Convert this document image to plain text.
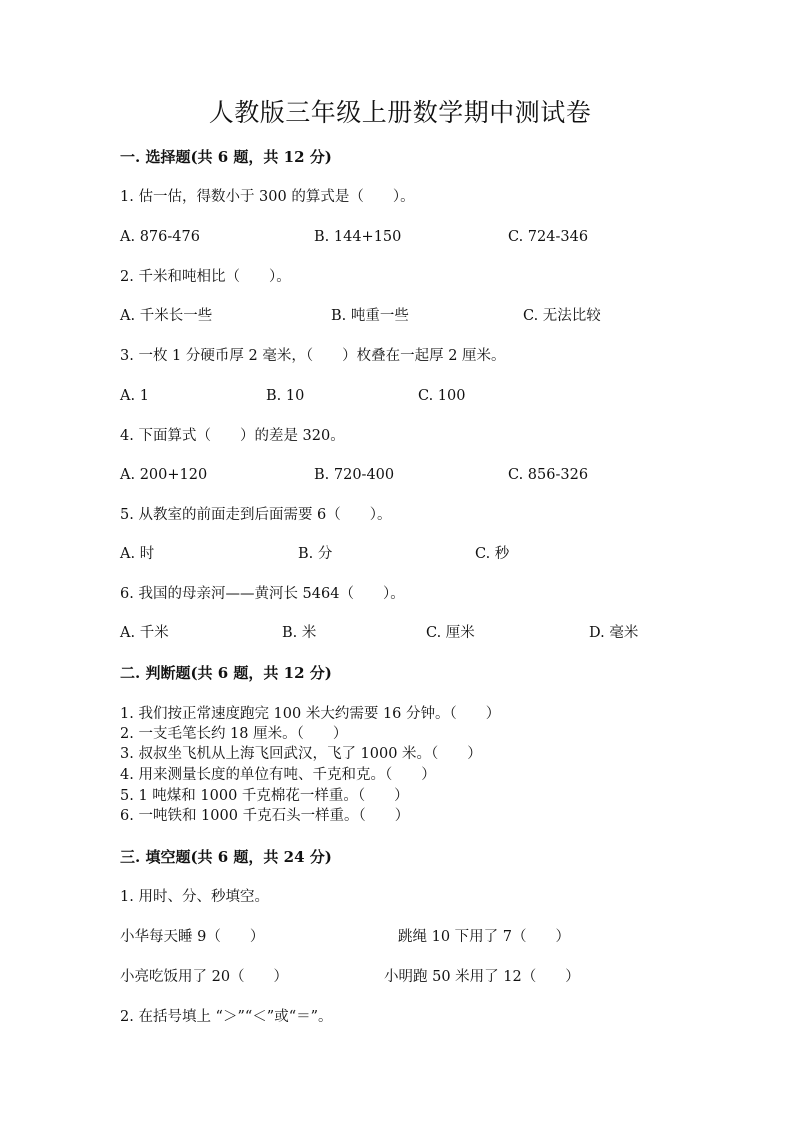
人教版三年级上册数学期中测试卷
一. 选择题(共 6 题，共 12 分)
1. 估一估，得数小于 300 的算式是（　　）。
A. 876-476	B. 144+150	C. 724-346
2. 千米和吨相比（　　）。
A. 千米长一些	B. 吨重一些	C. 无法比较
3. 一枚 1 分硬币厚 2 毫米，（　　）枚叠在一起厚 2 厘米。
A. 1	B. 10	C. 100
4. 下面算式（　　）的差是 320。
A. 200+120	B. 720-400	C. 856-326
5. 从教室的前面走到后面需要 6（　　）。
A. 时	B. 分	C. 秒
6. 我国的母亲河——黄河长 5464（　　）。
A. 千米	B. 米	C. 厘米	D. 毫米
二. 判断题(共 6 题，共 12 分)
1. 我们按正常速度跑完 100 米大约需要 16 分钟。（　　）
2. 一支毛笔长约 18 厘米。（　　）
3. 叔叔坐飞机从上海飞回武汉，飞了 1000 米。（　　）
4. 用来测量长度的单位有吨、千克和克。（　　）
5. 1 吨煤和 1000 千克棉花一样重。（　　）
6. 一吨铁和 1000 千克石头一样重。（　　）
三. 填空题(共 6 题，共 24 分)
1. 用时、分、秒填空。
小华每天睡 9（　　）	跳绳 10 下用了 7（　　）
小亮吃饭用了 20（　　）	小明跑 50 米用了 12（　　）
2. 在括号填上 “＞”“＜”或“＝”。
